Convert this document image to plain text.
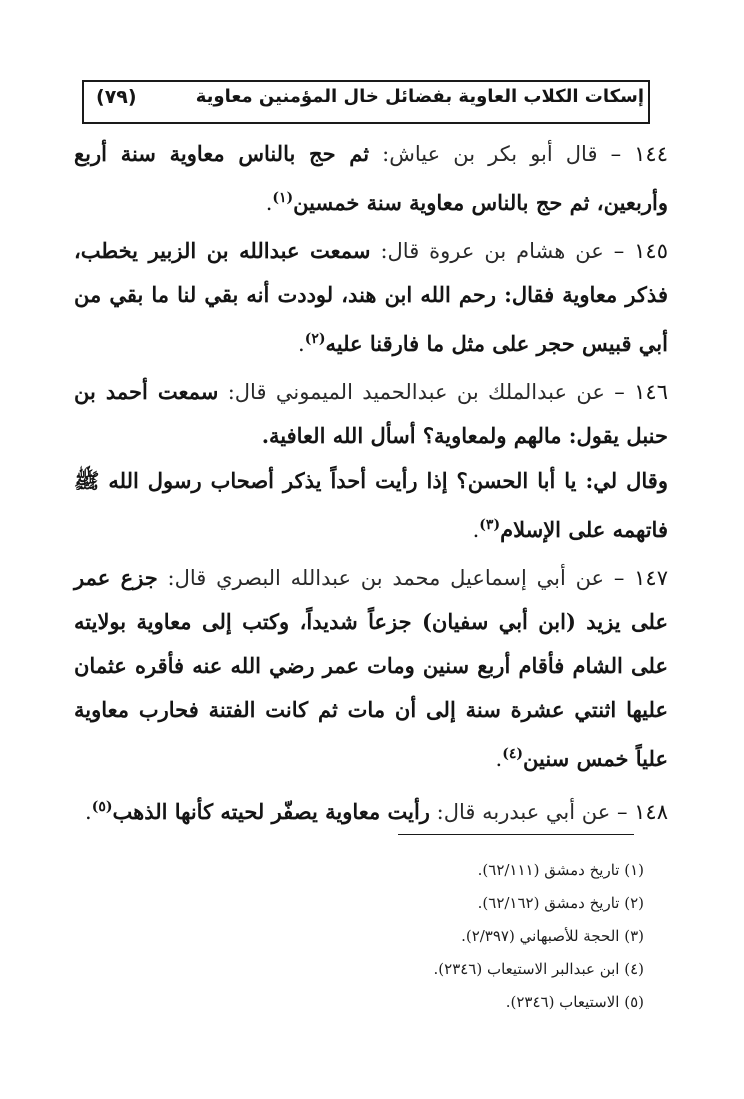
إسكات الكلاب العاوية بفضائل خال المؤمنين معاوية
(٧٩)

١٤٤ – قال أبو بكر بن عياش: ثم حج بالناس معاوية سنة أربع وأربعين، ثم حج بالناس معاوية سنة خمسين$^{(١)}$.

١٤٥ – عن هشام بن عروة قال: سمعت عبدالله بن الزبير يخطب، فذكر معاوية فقال: رحم الله ابن هند، لوددت أنه بقي لنا ما بقي من أبي قبيس حجر على مثل ما فارقنا عليه$^{(٢)}$.

١٤٦ – عن عبدالملك بن عبدالحميد الميموني قال: سمعت أحمد بن حنبل يقول: مالهم ولمعاوية؟ أسأل الله العافية.

وقال لي: يا أبا الحسن؟ إذا رأيت أحداً يذكر أصحاب رسول الله ﷺ فاتهمه على الإسلام$^{(٣)}$.

١٤٧ – عن أبي إسماعيل محمد بن عبدالله البصري قال: جزع عمر على يزيد (ابن أبي سفيان) جزعاً شديداً، وكتب إلى معاوية بولايته على الشام فأقام أربع سنين ومات عمر رضي الله عنه فأقره عثمان عليها اثنتي عشرة سنة إلى أن مات ثم كانت الفتنة فحارب معاوية علياً خمس سنين$^{(٤)}$.

١٤٨ – عن أبي عبدربه قال: رأيت معاوية يصفّر لحيته كأنها الذهب$^{(٥)}$.

(١) تاريخ دمشق (٦٢/١١١).
(٢) تاريخ دمشق (٦٢/١٦٢).
(٣) الحجة للأصبهاني (٢/٣٩٧).
(٤) ابن عبدالبر الاستيعاب (٢٣٤٦).
(٥) الاستيعاب (٢٣٤٦).
